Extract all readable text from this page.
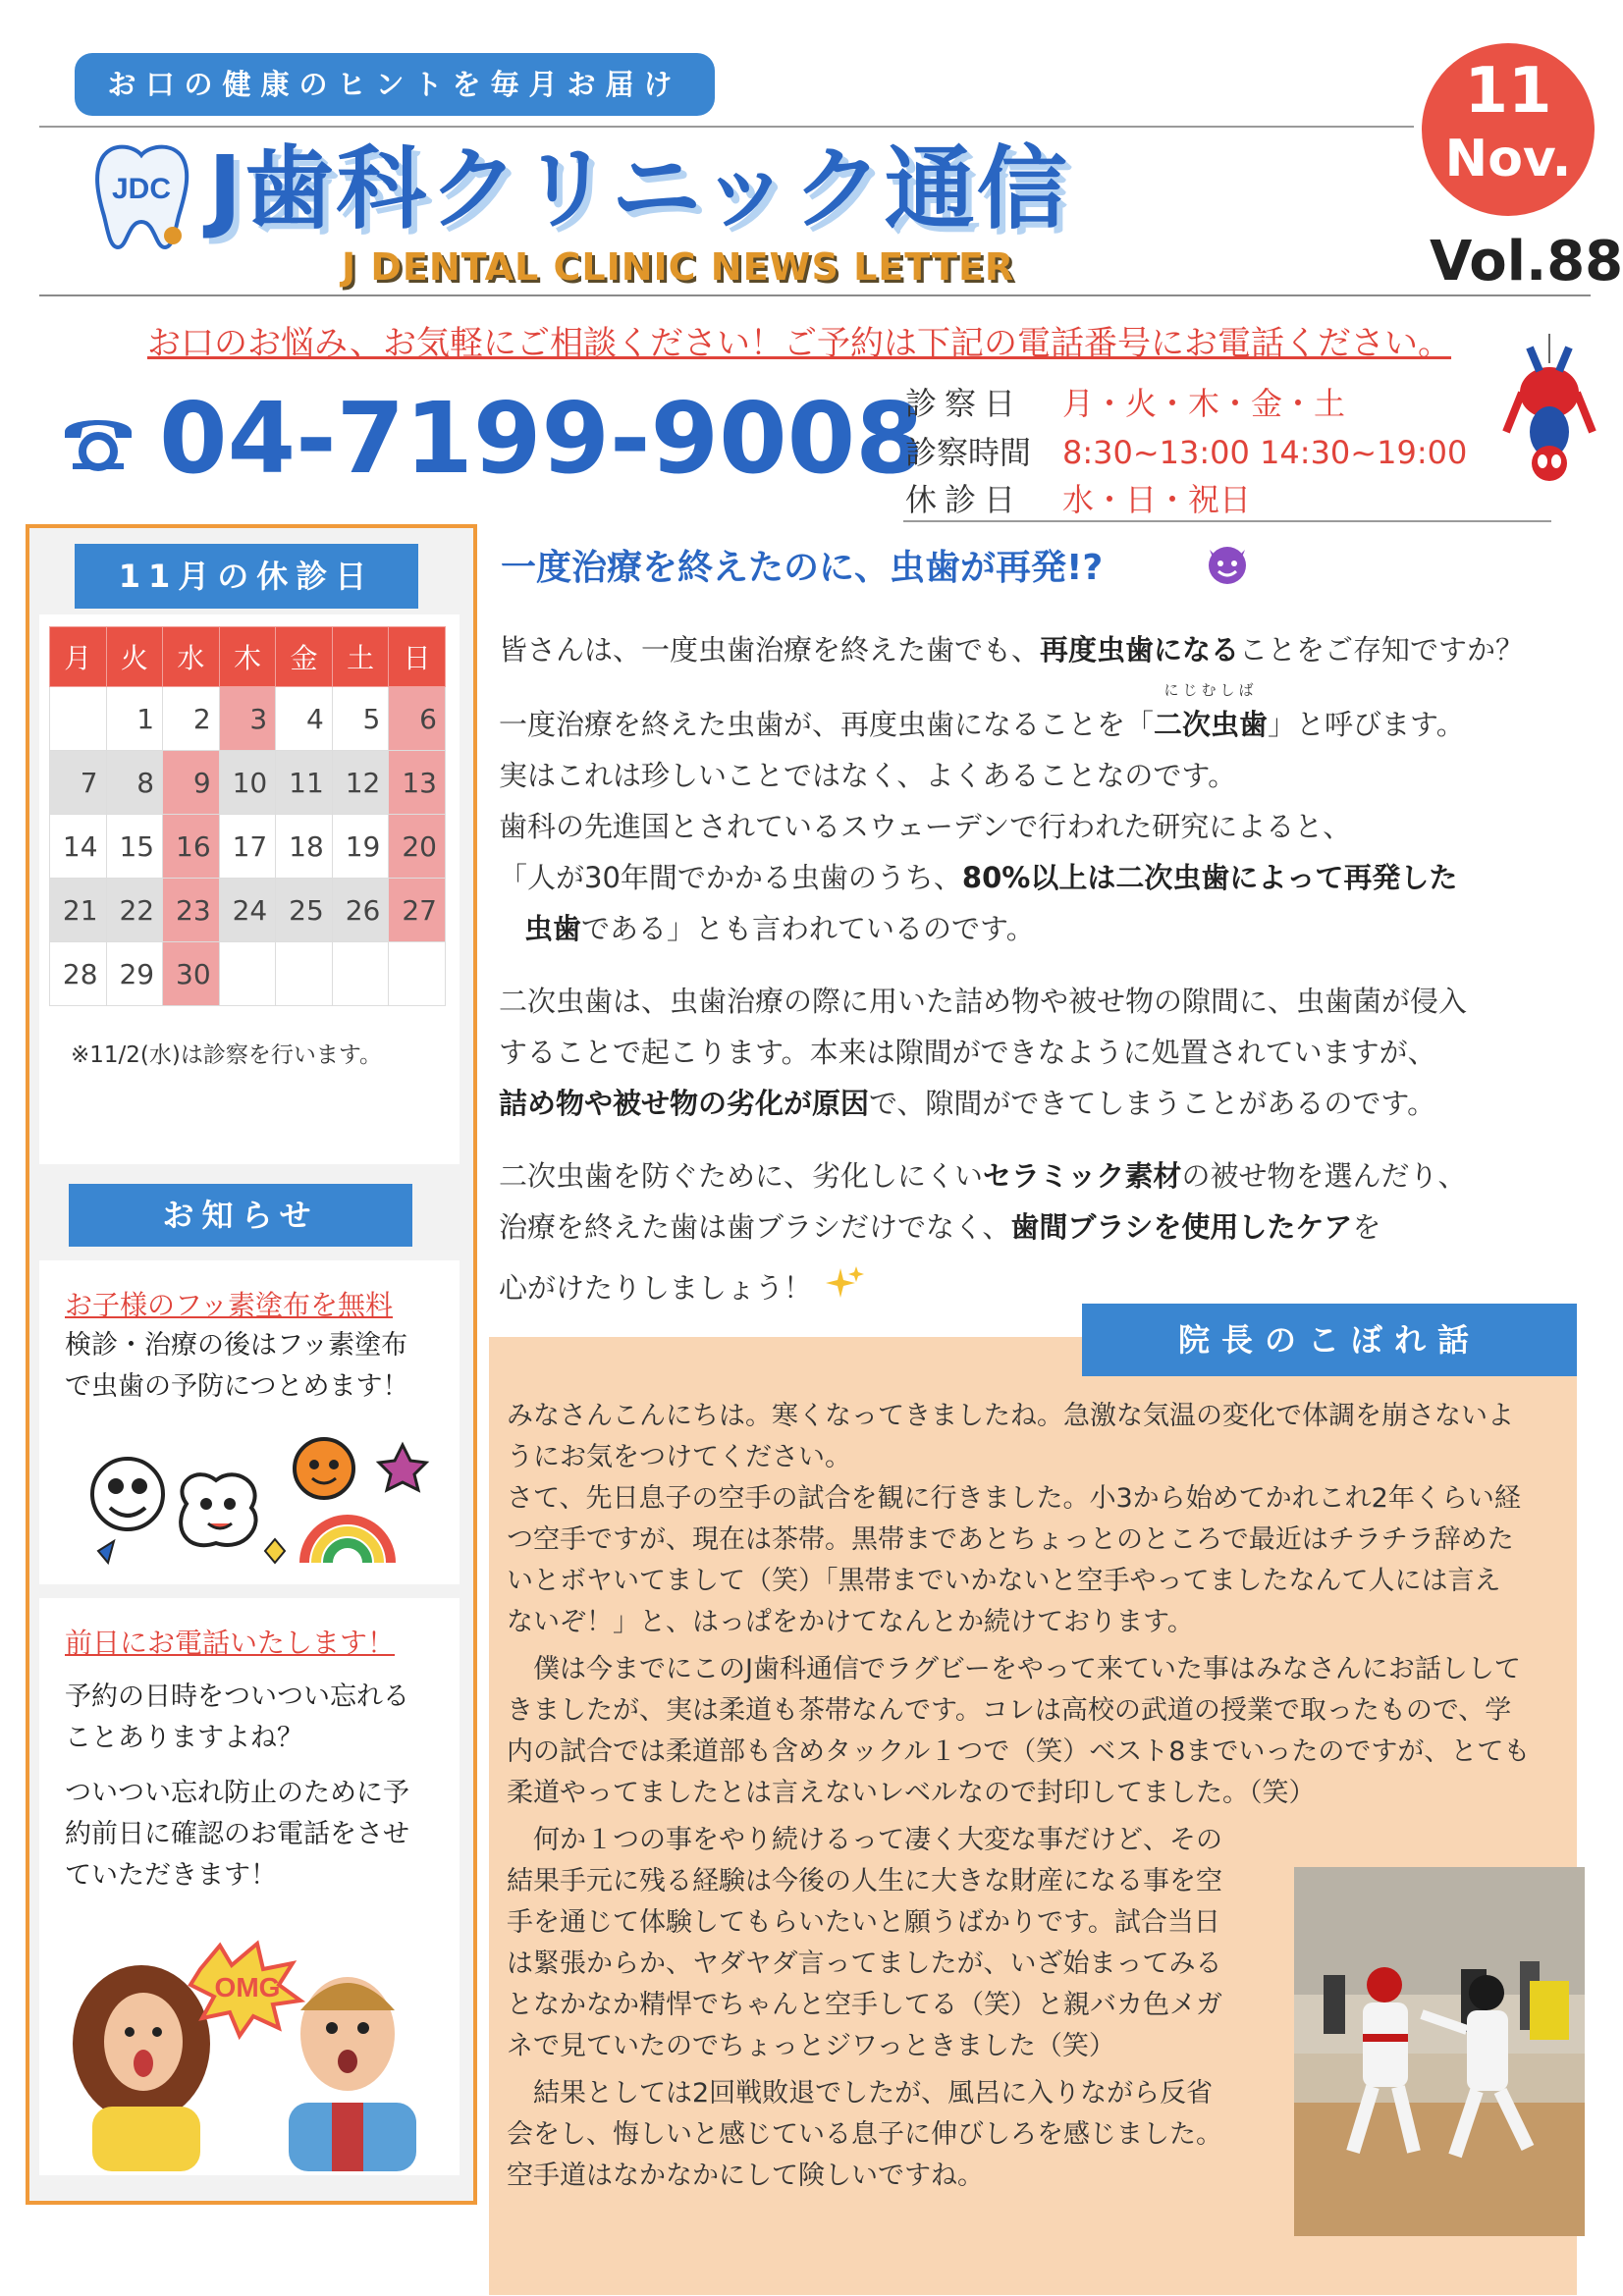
お口の健康のヒントを毎月お届け
JDC J歯科クリニック通信
J DENTAL CLINIC NEWS LETTER
11
Nov.
Vol.88
お口のお悩み、お気軽にご相談ください！ご予約は下記の電話番号にお電話ください。
04-7199-9008
診察日 月・火・木・金・土
診察時間 8:30~13:00 14:30~19:00
休診日 水・日・祝日
11月の休診日
月	火	水	木	金	土	日
	1	2	3	4	5	6
7	8	9	10	11	12	13
14	15	16	17	18	19	20
21	22	23	24	25	26	27
28	29	30				
※11/2(水)は診察を行います。
お知らせ
お子様のフッ素塗布を無料
検診・治療の後はフッ素塗布
で虫歯の予防につとめます！
前日にお電話いたします！
予約の日時をついつい忘れる
ことありますよね？
ついつい忘れ防止のために予
約前日に確認のお電話をさせ
ていただきます！
OMG
一度治療を終えたのに、虫歯が再発!?
皆さんは、一度虫歯治療を終えた歯でも、再度虫歯になることをご存知ですか？
一度治療を終えた虫歯が、再度虫歯になることを「
にじむしば
二次虫歯」と呼びます。
実はこれは珍しいことではなく、よくあることなのです。
歯科の先進国とされているスウェーデンで行われた研究によると、
「人が30年間でかかる虫歯のうち、80%以上は二次虫歯によって再発した
虫歯である」とも言われているのです。
二次虫歯は、虫歯治療の際に用いた詰め物や被せ物の隙間に、虫歯菌が侵入
することで起こります。本来は隙間ができなように処置されていますが、
詰め物や被せ物の劣化が原因で、隙間ができてしまうことがあるのです。
二次虫歯を防ぐために、劣化しにくいセラミック素材の被せ物を選んだり、
治療を終えた歯は歯ブラシだけでなく、歯間ブラシを使用したケアを
心がけたりしましょう！
院長のこぼれ話
みなさんこんにちは。寒くなってきましたね。急激な気温の変化で体調を崩さないよ
うにお気をつけてください。
さて、先日息子の空手の試合を観に行きました。小3から始めてかれこれ2年くらい経
つ空手ですが、現在は茶帯。黒帯まであとちょっとのところで最近はチラチラ辞めた
いとボヤいてまして（笑）「黒帯までいかないと空手やってましたなんて人には言え
ないぞ！」と、はっぱをかけてなんとか続けております。
　僕は今までにこのJ歯科通信でラグビーをやって来ていた事はみなさんにお話しして
きましたが、実は柔道も茶帯なんです。コレは高校の武道の授業で取ったもので、学
内の試合では柔道部も含めタックル１つで（笑）ベスト8までいったのですが、とても
柔道やってましたとは言えないレベルなので封印してました。（笑）
　何か１つの事をやり続けるって凄く大変な事だけど、その
結果手元に残る経験は今後の人生に大きな財産になる事を空
手を通じて体験してもらいたいと願うばかりです。試合当日
は緊張からか、ヤダヤダ言ってましたが、いざ始まってみる
となかなか精悍でちゃんと空手してる（笑）と親バカ色メガ
ネで見ていたのでちょっとジワっときました（笑）
　結果としては2回戦敗退でしたが、風呂に入りながら反省
会をし、悔しいと感じている息子に伸びしろを感じました。
空手道はなかなかにして険しいですね。
